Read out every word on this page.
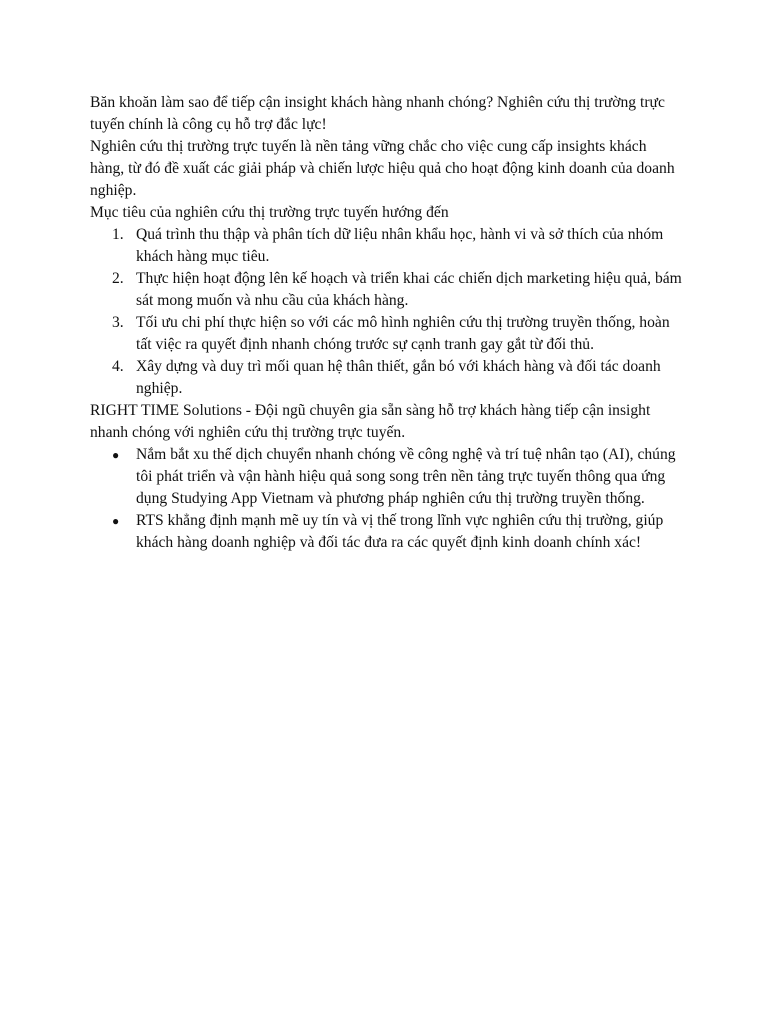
Băn khoăn làm sao để tiếp cận insight khách hàng nhanh chóng? Nghiên cứu thị trường trực tuyến chính là công cụ hỗ trợ đắc lực!

Nghiên cứu thị trường trực tuyến là nền tảng vững chắc cho việc cung cấp insights khách hàng, từ đó đề xuất các giải pháp và chiến lược hiệu quả cho hoạt động kinh doanh của doanh nghiệp.

Mục tiêu của nghiên cứu thị trường trực tuyến hướng đến

1. Quá trình thu thập và phân tích dữ liệu nhân khẩu học, hành vi và sở thích của nhóm khách hàng mục tiêu.
2. Thực hiện hoạt động lên kế hoạch và triển khai các chiến dịch marketing hiệu quả, bám sát mong muốn và nhu cầu của khách hàng.
3. Tối ưu chi phí thực hiện so với các mô hình nghiên cứu thị trường truyền thống, hoàn tất việc ra quyết định nhanh chóng trước sự cạnh tranh gay gắt từ đối thủ.
4. Xây dựng và duy trì mối quan hệ thân thiết, gắn bó với khách hàng và đối tác doanh nghiệp.

RIGHT TIME Solutions - Đội ngũ chuyên gia sẵn sàng hỗ trợ khách hàng tiếp cận insight nhanh chóng với nghiên cứu thị trường trực tuyến.

● Nắm bắt xu thế dịch chuyển nhanh chóng về công nghệ và trí tuệ nhân tạo (AI), chúng tôi phát triển và vận hành hiệu quả song song trên nền tảng trực tuyến thông qua ứng dụng Studying App Vietnam và phương pháp nghiên cứu thị trường truyền thống.
● RTS khẳng định mạnh mẽ uy tín và vị thế trong lĩnh vực nghiên cứu thị trường, giúp khách hàng doanh nghiệp và đối tác đưa ra các quyết định kinh doanh chính xác!
